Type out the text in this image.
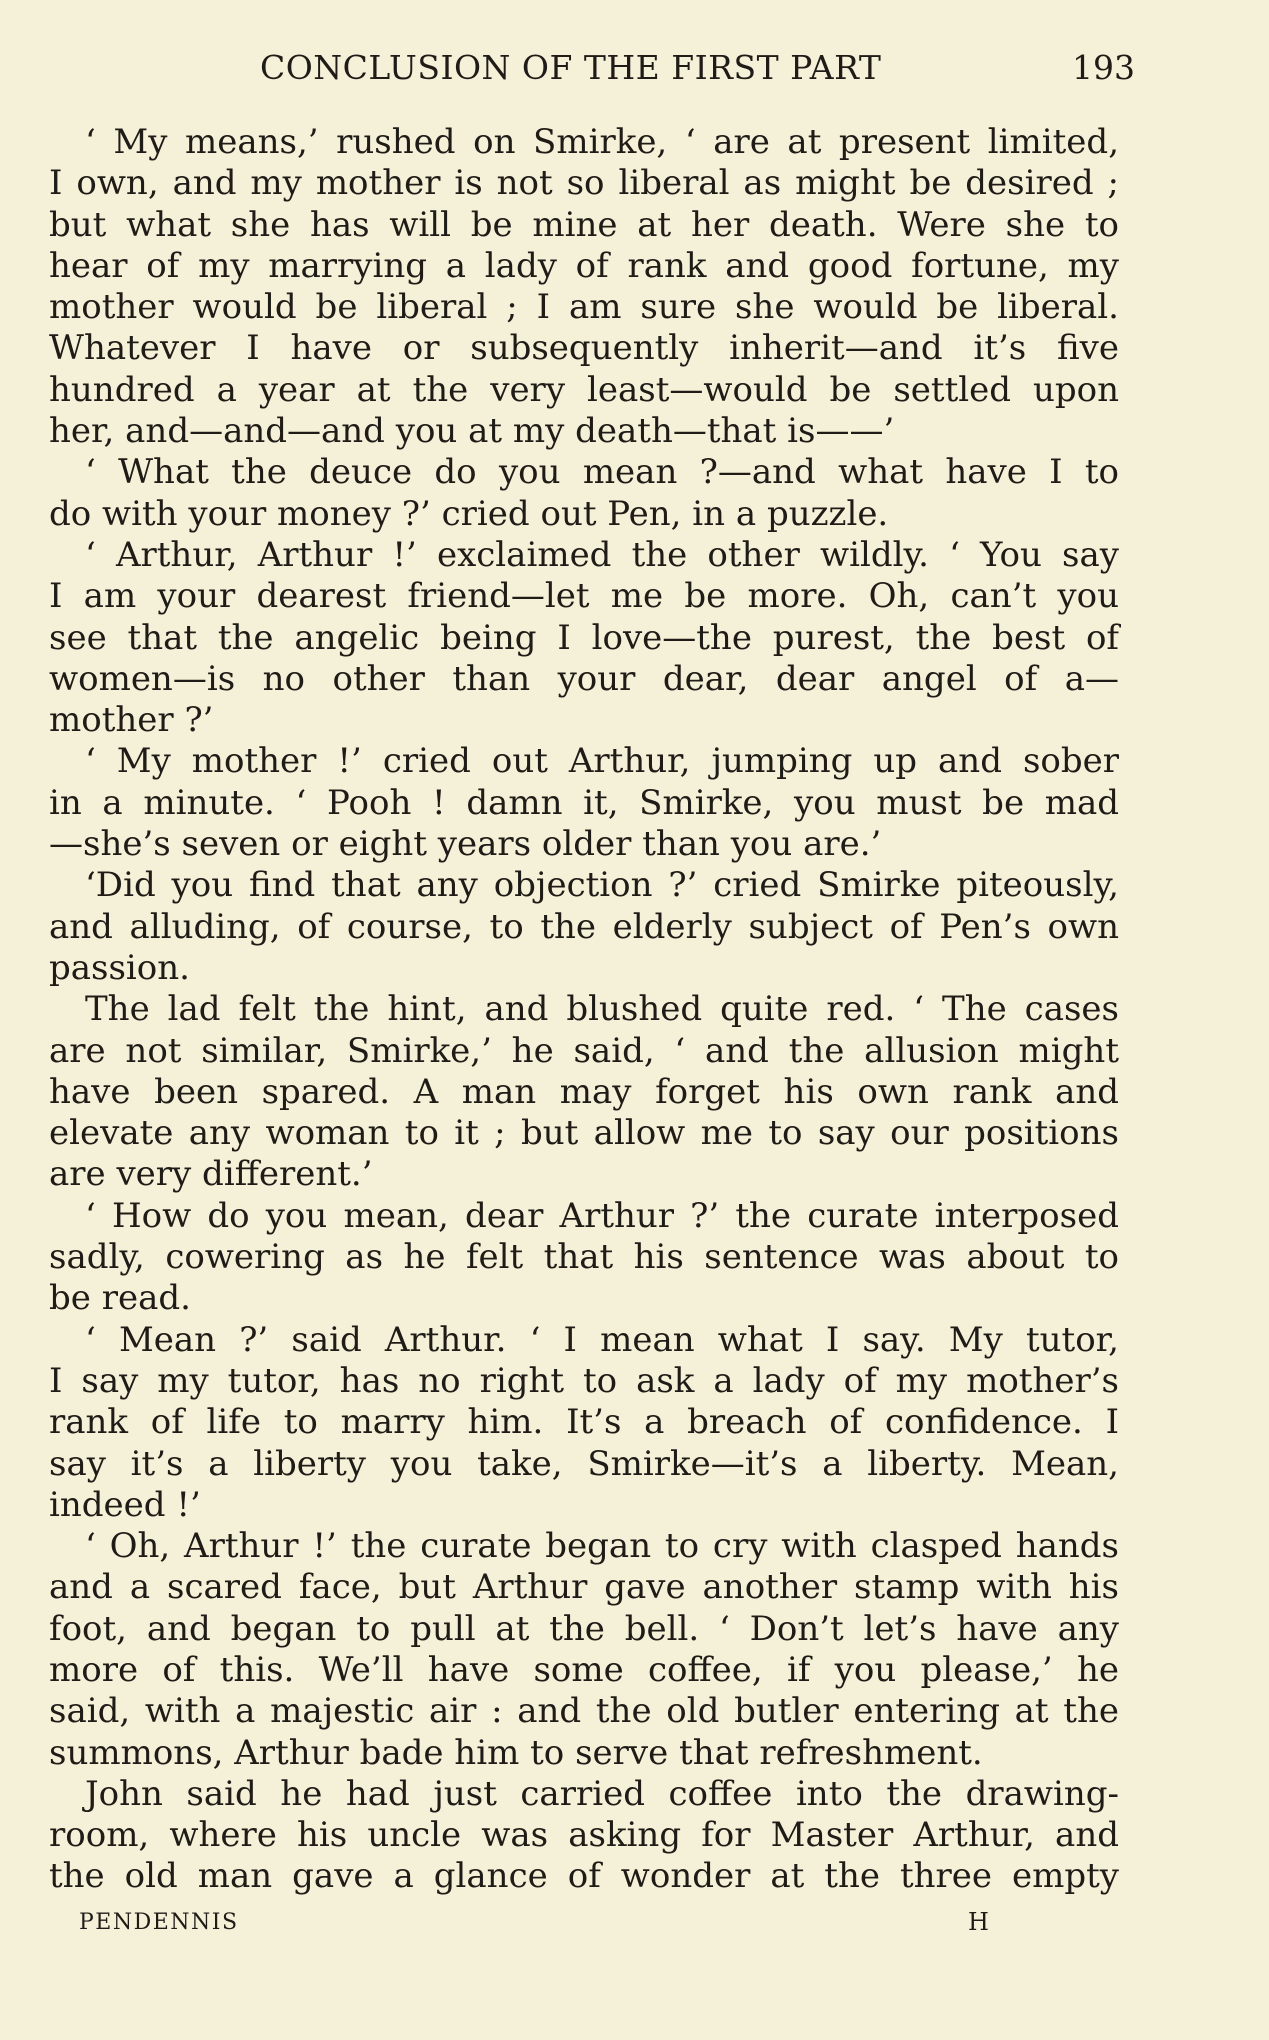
CONCLUSION OF THE FIRST PART	193
‘ My means,’ rushed on Smirke, ‘ are at present limited,
I own, and my mother is not so liberal as might be desired ;
but what she has will be mine at her death. Were she to
hear of my marrying a lady of rank and good fortune, my
mother would be liberal ; I am sure she would be liberal.
Whatever I have or subsequently inherit—and it’s five
hundred a year at the very least—would be settled upon
her, and—and—and you at my death—that is——’
‘ What the deuce do you mean ?—and what have I to
do with your money ?’ cried out Pen, in a puzzle.
‘ Arthur, Arthur !’ exclaimed the other wildly. ‘ You say
I am your dearest friend—let me be more. Oh, can’t you
see that the angelic being I love—the purest, the best of
women—is no other than your dear, dear angel of a—
mother ?’
‘ My mother !’ cried out Arthur, jumping up and sober
in a minute. ‘ Pooh ! damn it, Smirke, you must be mad
—she’s seven or eight years older than you are.’
‘Did you find that any objection ?’ cried Smirke piteously,
and alluding, of course, to the elderly subject of Pen’s own
passion.
The lad felt the hint, and blushed quite red. ‘ The cases
are not similar, Smirke,’ he said, ‘ and the allusion might
have been spared. A man may forget his own rank and
elevate any woman to it ; but allow me to say our positions
are very different.’
‘ How do you mean, dear Arthur ?’ the curate interposed
sadly, cowering as he felt that his sentence was about to
be read.
‘ Mean ?’ said Arthur. ‘ I mean what I say. My tutor,
I say my tutor, has no right to ask a lady of my mother’s
rank of life to marry him. It’s a breach of confidence. I
say it’s a liberty you take, Smirke—it’s a liberty. Mean,
indeed !’
‘ Oh, Arthur !’ the curate began to cry with clasped hands
and a scared face, but Arthur gave another stamp with his
foot, and began to pull at the bell. ‘ Don’t let’s have any
more of this. We’ll have some coffee, if you please,’ he
said, with a majestic air : and the old butler entering at the
summons, Arthur bade him to serve that refreshment.
John said he had just carried coffee into the drawing-
room, where his uncle was asking for Master Arthur, and
the old man gave a glance of wonder at the three empty
PENDENNIS	H
